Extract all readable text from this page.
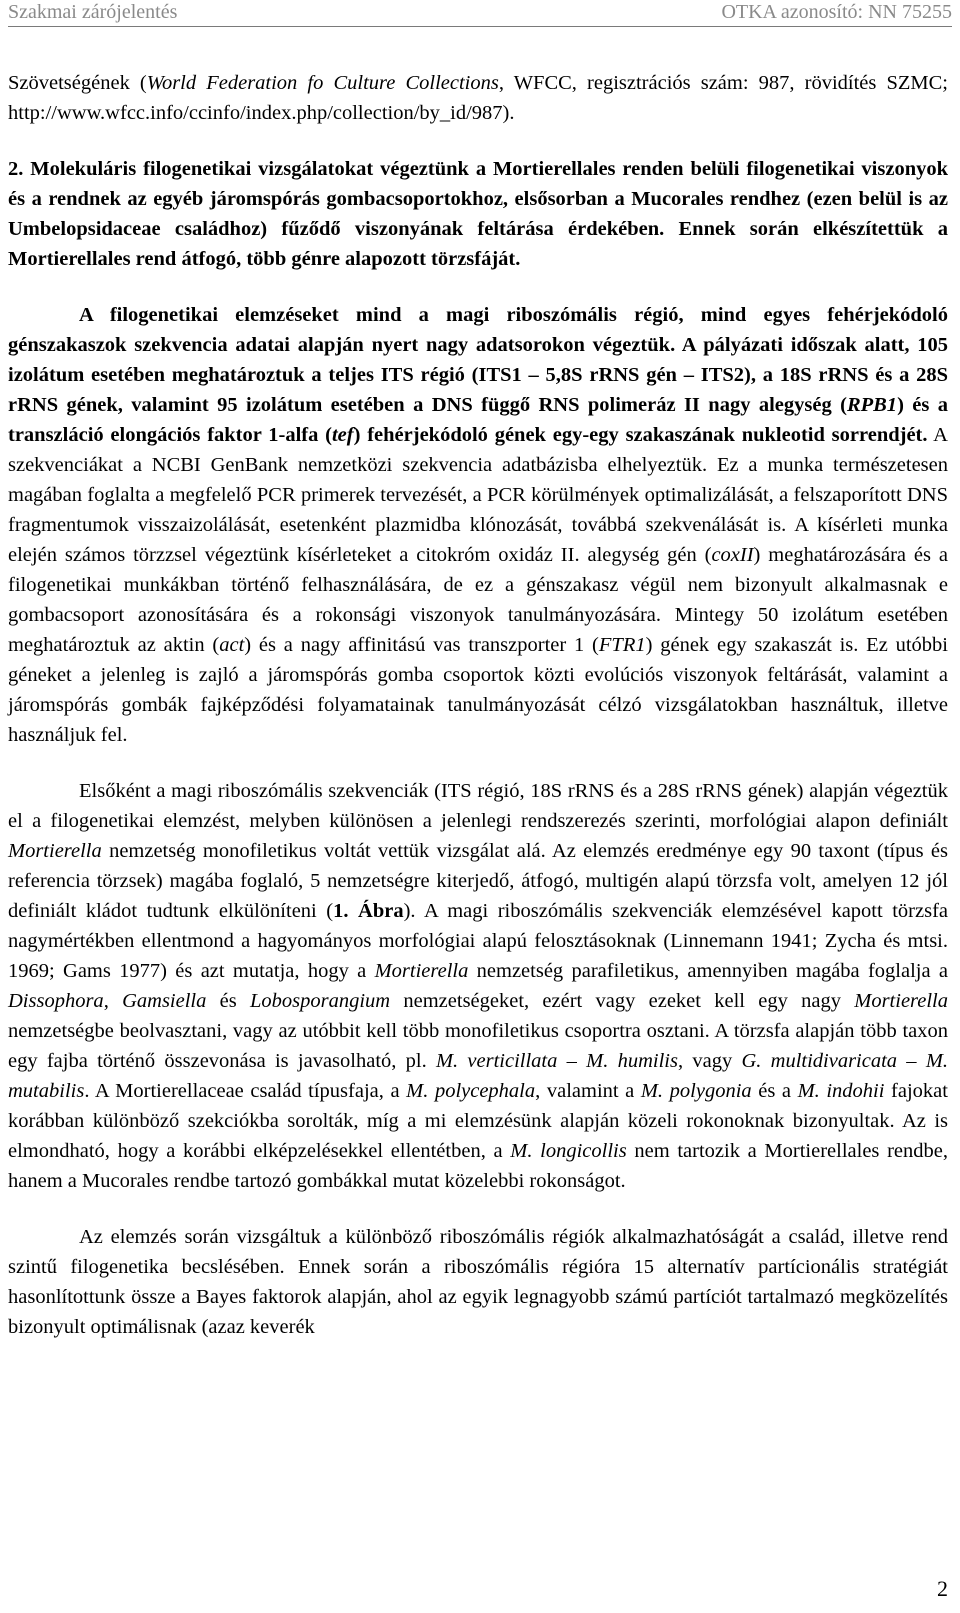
Szakmai zárójelentés	OTKA azonosító: NN 75255

Szövetségének (World Federation fo Culture Collections, WFCC, regisztrációs szám: 987, rövidítés SZMC; http://www.wfcc.info/ccinfo/index.php/collection/by_id/987).

2. Molekuláris filogenetikai vizsgálatokat végeztünk a Mortierellales renden belüli filogenetikai viszonyok és a rendnek az egyéb járomspórás gombacsoportokhoz, elsősorban a Mucorales rendhez (ezen belül is az Umbelopsidaceae családhoz) fűződő viszonyának feltárása érdekében. Ennek során elkészítettük a Mortierellales rend átfogó, több génre alapozott törzsfáját.

A filogenetikai elemzéseket mind a magi riboszómális régió, mind egyes fehérjekódoló génszakaszok szekvencia adatai alapján nyert nagy adatsorokon végeztük. A pályázati időszak alatt, 105 izolátum esetében meghatároztuk a teljes ITS régió (ITS1 – 5,8S rRNS gén – ITS2), a 18S rRNS és a 28S rRNS gének, valamint 95 izolátum esetében a DNS függő RNS polimeráz II nagy alegység (RPB1) és a transzláció elongációs faktor 1-alfa (tef) fehérjekódoló gének egy-egy szakaszának nukleotid sorrendjét. A szekvenciákat a NCBI GenBank nemzetközi szekvencia adatbázisba elhelyeztük. Ez a munka természetesen magában foglalta a megfelelő PCR primerek tervezését, a PCR körülmények optimalizálását, a felszaporított DNS fragmentumok visszaizolálását, esetenként plazmidba klónozását, továbbá szekvenálását is. A kísérleti munka elején számos törzzsel végeztünk kísérleteket a citokróm oxidáz II. alegység gén (coxII) meghatározására és a filogenetikai munkákban történő felhasználására, de ez a génszakasz végül nem bizonyult alkalmasnak e gombacsoport azonosítására és a rokonsági viszonyok tanulmányozására. Mintegy 50 izolátum esetében meghatároztuk az aktin (act) és a nagy affinitású vas transzporter 1 (FTR1) gének egy szakaszát is. Ez utóbbi géneket a jelenleg is zajló a járomspórás gomba csoportok közti evolúciós viszonyok feltárását, valamint a járomspórás gombák fajképződési folyamatainak tanulmányozását célzó vizsgálatokban használtuk, illetve használjuk fel.

Elsőként a magi riboszómális szekvenciák (ITS régió, 18S rRNS és a 28S rRNS gének) alapján végeztük el a filogenetikai elemzést, melyben különösen a jelenlegi rendszerezés szerinti, morfológiai alapon definiált Mortierella nemzetség monofiletikus voltát vettük vizsgálat alá. Az elemzés eredménye egy 90 taxont (típus és referencia törzsek) magába foglaló, 5 nemzetségre kiterjedő, átfogó, multigén alapú törzsfa volt, amelyen 12 jól definiált kládot tudtunk elkülöníteni (1. Ábra). A magi riboszómális szekvenciák elemzésével kapott törzsfa nagymértékben ellentmond a hagyományos morfológiai alapú felosztásoknak (Linnemann 1941; Zycha és mtsi. 1969; Gams 1977) és azt mutatja, hogy a Mortierella nemzetség parafiletikus, amennyiben magába foglalja a Dissophora, Gamsiella és Lobosporangium nemzetségeket, ezért vagy ezeket kell egy nagy Mortierella nemzetségbe beolvasztani, vagy az utóbbit kell több monofiletikus csoportra osztani. A törzsfa alapján több taxon egy fajba történő összevonása is javasolható, pl. M. verticillata – M. humilis, vagy G. multidivaricata – M. mutabilis. A Mortierellaceae család típusfaja, a M. polycephala, valamint a M. polygonia és a M. indohii fajokat korábban különböző szekciókba sorolták, míg a mi elemzésünk alapján közeli rokonoknak bizonyultak. Az is elmondható, hogy a korábbi elképzelésekkel ellentétben, a M. longicollis nem tartozik a Mortierellales rendbe, hanem a Mucorales rendbe tartozó gombákkal mutat közelebbi rokonságot.

Az elemzés során vizsgáltuk a különböző riboszómális régiók alkalmazhatóságát a család, illetve rend szintű filogenetika becslésében. Ennek során a riboszómális régióra 15 alternatív partícionális stratégiát hasonlítottunk össze a Bayes faktorok alapján, ahol az egyik legnagyobb számú partíciót tartalmazó megközelítés bizonyult optimálisnak (azaz keverék

2
